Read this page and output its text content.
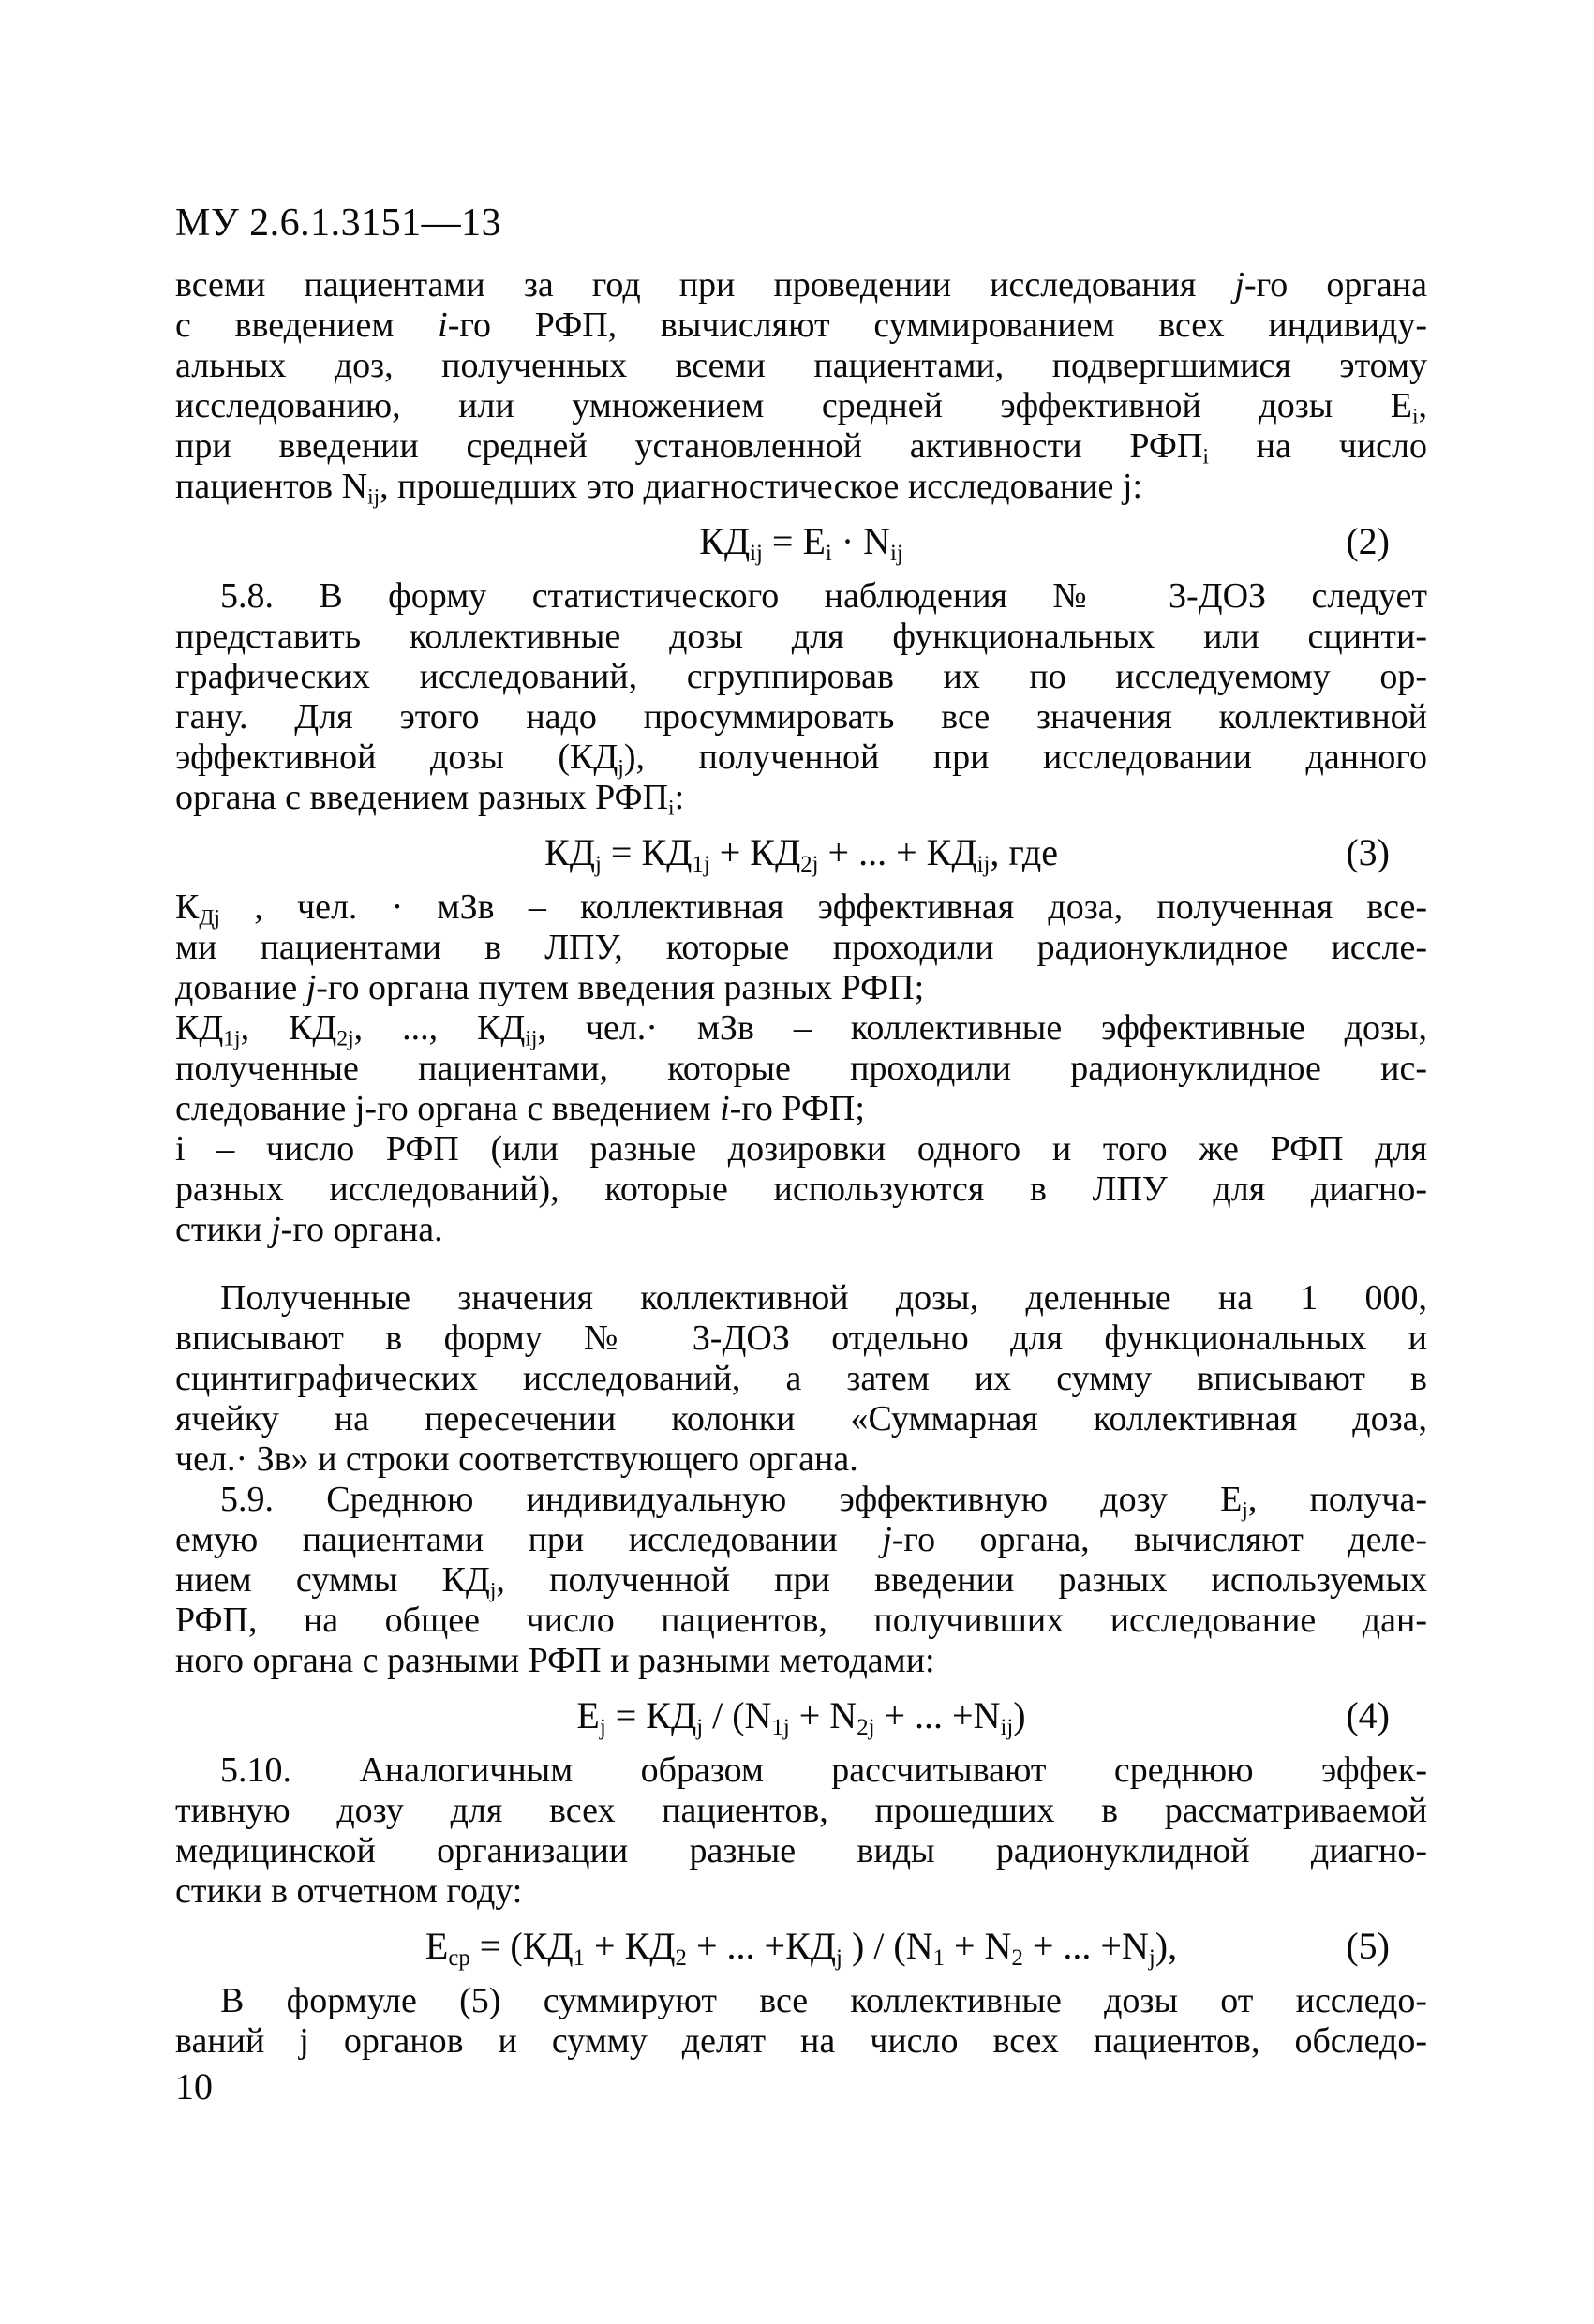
МУ 2.6.1.3151—13
всеми пациентами за год при проведении исследования j-го органа
с введением i-го РФП, вычисляют суммированием всех индивиду-
альных доз, полученных всеми пациентами, подвергшимися этому
исследованию, или умножением средней эффективной дозы $E_i$,
при введении средней установленной активности $РФП_i$ на число
пациентов $N_{ij}$, прошедших это диагностическое исследование j:
$КД_{ij} = E_i \cdot N_{ij}$	(2)
5.8. В форму статистического наблюдения № 3-ДОЗ следует
представить коллективные дозы для функциональных или сцинти-
графических исследований, сгруппировав их по исследуемому ор-
гану. Для этого надо просуммировать все значения коллективной
эффективной дозы $(КД_j)$, полученной при исследовании данного
органа с введением разных $РФП_i$:
$КД_j = КД_{1j} + КД_{2j}$ + ... + $КД_{ij}$, где	(3)
$К_{Дj}$ , чел. · мЗв – коллективная эффективная доза, полученная все-
ми пациентами в ЛПУ, которые проходили радионуклидное иссле-
дование j-го органа путем введения разных РФП;
$КД_{1j}$, $КД_{2j}$, ..., $КД_{ij}$, чел.· мЗв – коллективные эффективные дозы,
полученные пациентами, которые проходили радионуклидное ис-
следование j-го органа с введением i-го РФП;
i – число РФП (или разные дозировки одного и того же РФП для
разных исследований), которые используются в ЛПУ для диагно-
стики j-го органа.
Полученные значения коллективной дозы, деленные на 1 000,
вписывают в форму № 3-ДОЗ отдельно для функциональных и
сцинтиграфических исследований, а затем их сумму вписывают в
ячейку на пересечении колонки «Суммарная коллективная доза,
чел.· Зв» и строки соответствующего органа.
5.9. Среднюю индивидуальную эффективную дозу $E_j$, получа-
емую пациентами при исследовании j-го органа, вычисляют деле-
нием суммы $КД_j$, полученной при введении разных используемых
РФП, на общее число пациентов, получивших исследование дан-
ного органа с разными РФП и разными методами:
$E_j = КД_j / (N_{1j} + N_{2j}$ + ... $+N_{ij}$)	(4)
5.10. Аналогичным образом рассчитывают среднюю эффек-
тивную дозу для всех пациентов, прошедших в рассматриваемой
медицинской организации разные виды радионуклидной диагно-
стики в отчетном году:
$E_{ср} = (КД_1 + КД_2$ + ... $+КД_j$ ) / ($N_1 + N_2$ + ... $+N_j$),	(5)
В формуле (5) суммируют все коллективные дозы от исследо-
ваний j органов и сумму делят на число всех пациентов, обследо-
10
